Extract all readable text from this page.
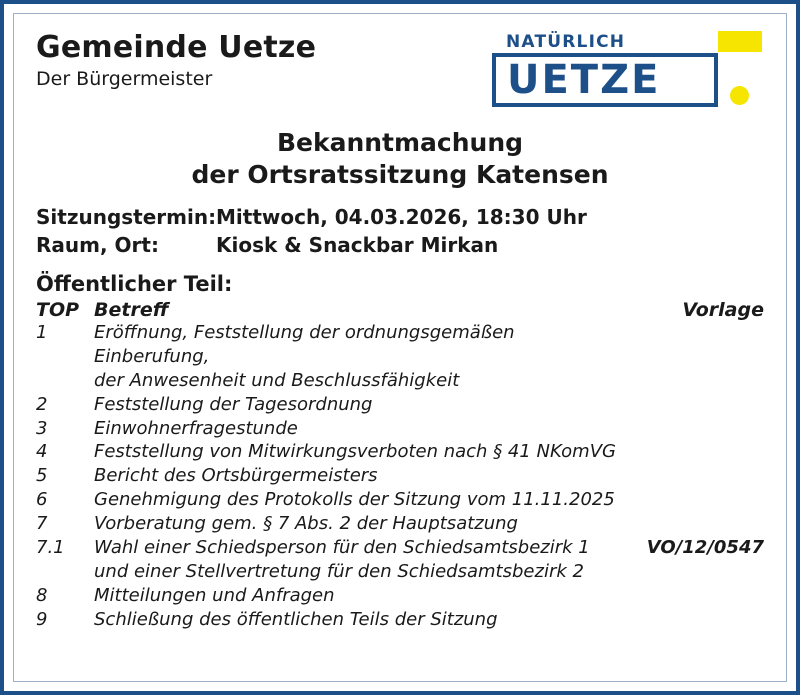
Gemeinde Uetze
Der Bürgermeister
NATÜRLICH
UETZE
Bekanntmachung
der Ortsratssitzung Katensen
Sitzungstermin: Mittwoch, 04.03.2026, 18:30 Uhr
Raum, Ort:	Kiosk & Snackbar Mirkan
Öffentlicher Teil:
TOP	Betreff	Vorlage
1	Eröffnung, Feststellung der ordnungsgemäßen Einberufung,
der Anwesenheit und Beschlussfähigkeit	

2	Feststellung der Tagesordnung	
3	Einwohnerfragestunde	
4	Feststellung von Mitwirkungsverboten nach § 41 NKomVG	
5	Bericht des Ortsbürgermeisters	
6	Genehmigung des Protokolls der Sitzung vom 11.11.2025	
7	Vorberatung gem. § 7 Abs. 2 der Hauptsatzung	
7.1	Wahl einer Schiedsperson für den Schiedsamtsbezirk 1
und einer Stellvertretung für den Schiedsamtsbezirk 2	VO/12/0547
8	Mitteilungen und Anfragen	
9	Schließung des öffentlichen Teils der Sitzung	
